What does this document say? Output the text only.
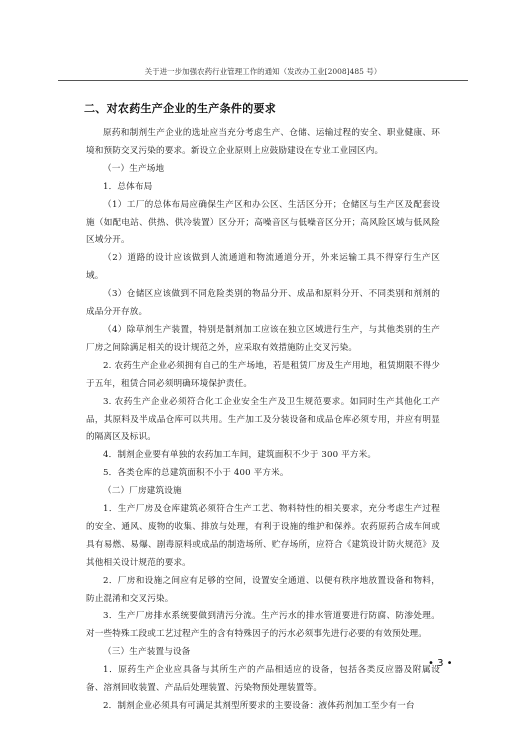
关于进一步加强农药行业管理工作的通知（发改办工业[2008]485 号）
二、对农药生产企业的生产条件的要求

原药和制剂生产企业的选址应当充分考虑生产、仓储、运输过程的安全、职业健康、环境和预防交叉污染的要求。新设立企业原则上应鼓励建设在专业工业园区内。

（一）生产场地

1．总体布局

（1）工厂的总体布局应确保生产区和办公区、生活区分开；仓储区与生产区及配套设施（如配电站、供热、供冷装置）区分开；高噪音区与低噪音区分开；高风险区域与低风险区域分开。

（2）道路的设计应该做到人流通道和物流通道分开，外来运输工具不得穿行生产区域。

（3）仓储区应该做到不同危险类别的物品分开、成品和原料分开、不同类别和剂剂的成品分开存放。

（4）除草剂生产装置，特别是制剂加工应该在独立区域进行生产，与其他类别的生产厂房之间除满足相关的设计规范之外，应采取有效措施防止交叉污染。

2. 农药生产企业必须拥有自己的生产场地，若是租赁厂房及生产用地，租赁期限不得少于五年，租赁合同必须明确环境保护责任。

3. 农药生产企业必须符合化工企业安全生产及卫生规范要求。如同时生产其他化工产品，其原料及半成品仓库可以共用。生产加工及分装设备和成品仓库必须专用，并应有明显的隔离区及标识。

4．制剂企业要有单独的农药加工车间，建筑面积不少于 300 平方米。

5．各类仓库的总建筑面积不小于 400 平方米。

（二）厂房建筑设施

1．生产厂房及仓库建筑必须符合生产工艺、物料特性的相关要求，充分考虑生产过程的安全、通风、废物的收集、排放与处理，有利于设施的维护和保养。农药原药合成车间或具有易燃、易爆、剧毒原料或成品的制造场所、贮存场所，应符合《建筑设计防火规范》及其他相关设计规范的要求。

2．厂房和设施之间应有足够的空间，设置安全通道、以便有秩序地放置设备和物料，防止混淆和交叉污染。

3．生产厂房排水系统要做到清污分流。生产污水的排水管道要进行防腐、防渗处理。对一些特殊工段或工艺过程产生的含有特殊因子的污水必须事先进行必要的有效预处理。

（三）生产装置与设备

1．原药生产企业应具备与其所生产的产品相适应的设备，包括各类反应器及附属设备、溶剂回收装置、产品后处理装置、污染物预处理装置等。

2．制剂企业必须具有可满足其剂型所要求的主要设备：液体药剂加工至少有一台

• 3 •
